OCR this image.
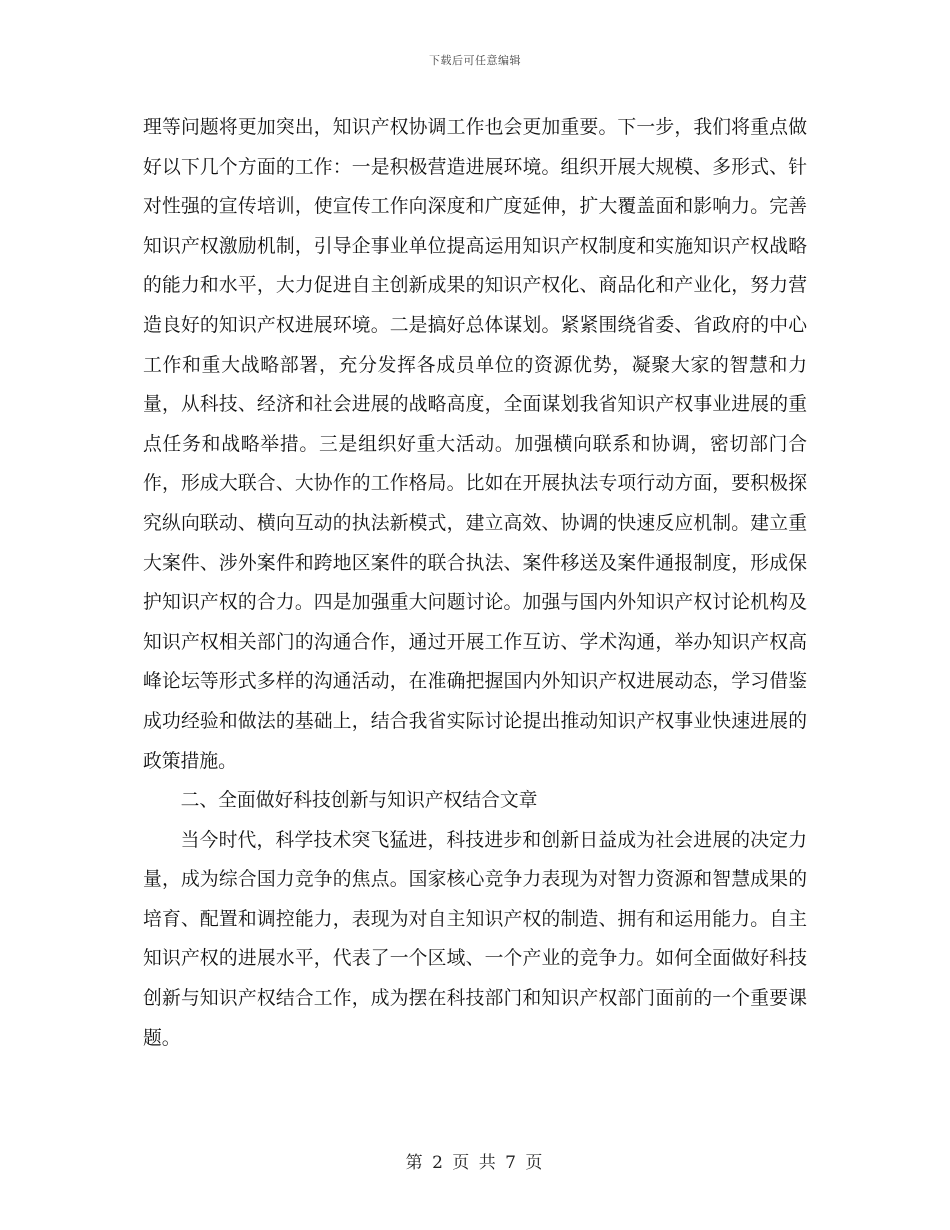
下载后可任意编辑

理等问题将更加突出，知识产权协调工作也会更加重要。下一步，我们将重点做好以下几个方面的工作：一是积极营造进展环境。组织开展大规模、多形式、针对性强的宣传培训，使宣传工作向深度和广度延伸，扩大覆盖面和影响力。完善知识产权激励机制，引导企事业单位提高运用知识产权制度和实施知识产权战略的能力和水平，大力促进自主创新成果的知识产权化、商品化和产业化，努力营造良好的知识产权进展环境。二是搞好总体谋划。紧紧围绕省委、省政府的中心工作和重大战略部署，充分发挥各成员单位的资源优势，凝聚大家的智慧和力量，从科技、经济和社会进展的战略高度，全面谋划我省知识产权事业进展的重点任务和战略举措。三是组织好重大活动。加强横向联系和协调，密切部门合作，形成大联合、大协作的工作格局。比如在开展执法专项行动方面，要积极探究纵向联动、横向互动的执法新模式，建立高效、协调的快速反应机制。建立重大案件、涉外案件和跨地区案件的联合执法、案件移送及案件通报制度，形成保护知识产权的合力。四是加强重大问题讨论。加强与国内外知识产权讨论机构及知识产权相关部门的沟通合作，通过开展工作互访、学术沟通，举办知识产权高峰论坛等形式多样的沟通活动，在准确把握国内外知识产权进展动态，学习借鉴成功经验和做法的基础上，结合我省实际讨论提出推动知识产权事业快速进展的政策措施。

二、全面做好科技创新与知识产权结合文章

当今时代，科学技术突飞猛进，科技进步和创新日益成为社会进展的决定力量，成为综合国力竞争的焦点。国家核心竞争力表现为对智力资源和智慧成果的培育、配置和调控能力，表现为对自主知识产权的制造、拥有和运用能力。自主知识产权的进展水平，代表了一个区域、一个产业的竞争力。如何全面做好科技创新与知识产权结合工作，成为摆在科技部门和知识产权部门面前的一个重要课题。

第 2 页 共 7 页
